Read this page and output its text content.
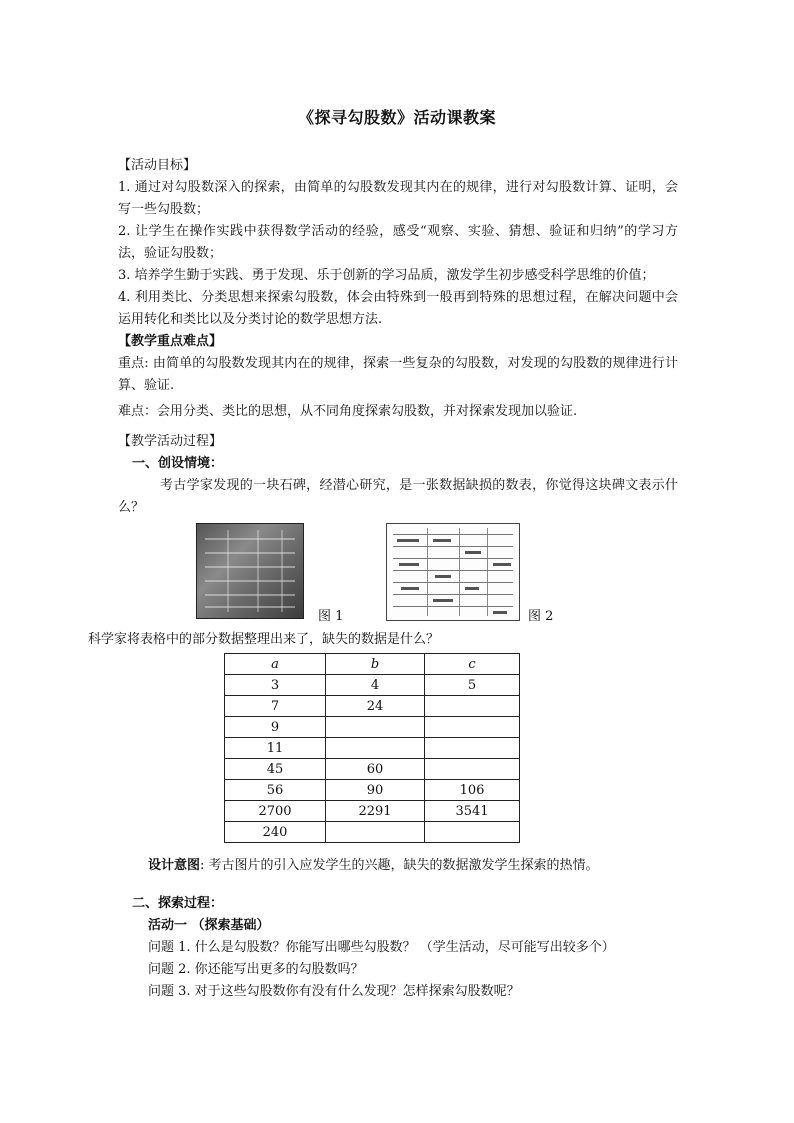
《探寻勾股数》活动课教案

【活动目标】

1. 通过对勾股数深入的探索，由简单的勾股数发现其内在的规律，进行对勾股数计算、证明，会写一些勾股数；

2. 让学生在操作实践中获得数学活动的经验，感受“观察、实验、猜想、验证和归纳”的学习方法，验证勾股数；

3. 培养学生勤于实践、勇于发现、乐于创新的学习品质，激发学生初步感受科学思维的价值；

4. 利用类比、分类思想来探索勾股数，体会由特殊到一般再到特殊的思想过程，在解决问题中会运用转化和类比以及分类讨论的数学思想方法.

【教学重点难点】

重点: 由简单的勾股数发现其内在的规律，探索一些复杂的勾股数，对发现的勾股数的规律进行计算、验证.

难点：会用分类、类比的思想，从不同角度探索勾股数，并对探索发现加以验证.

【教学活动过程】

一、创设情境：

考古学家发现的一块石碑，经潜心研究，是一张数据缺损的数表，你觉得这块碑文表示什么？

图 1	图 2

科学家将表格中的部分数据整理出来了，缺失的数据是什么？

a	b	c
3	4	5
7	24	
9		
11		
45	60	
56	90	106
2700	2291	3541
240		

设计意图: 考古图片的引入应发学生的兴趣，缺失的数据激发学生探索的热情。

二、探索过程：

活动一 （探索基础）

问题 1. 什么是勾股数？你能写出哪些勾股数？ （学生活动，尽可能写出较多个）

问题 2. 你还能写出更多的勾股数吗？

问题 3. 对于这些勾股数你有没有什么发现？怎样探索勾股数呢？
